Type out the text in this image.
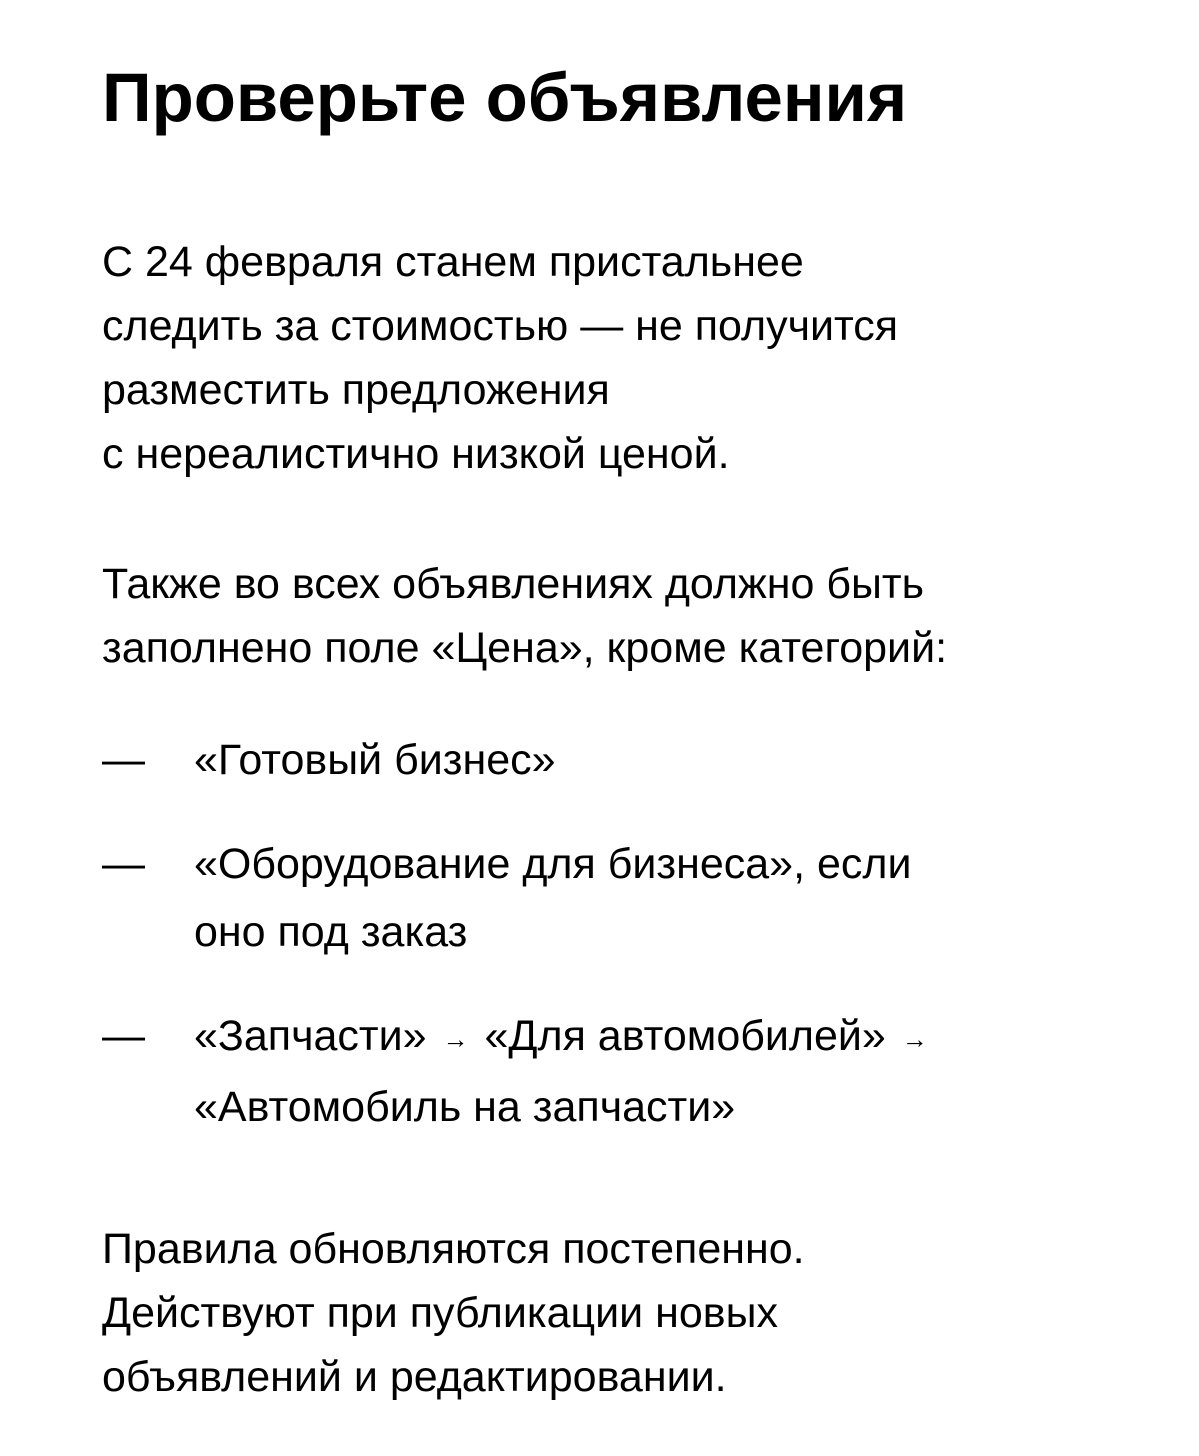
Проверьте объявления

С 24 февраля станем пристальнее
следить за стоимостью — не получится
разместить предложения
с нереалистично низкой ценой.

Также во всех объявлениях должно быть
заполнено поле «Цена», кроме категорий:

—	«Готовый бизнес»
—	«Оборудование для бизнеса», если
оно под заказ
—	«Запчасти» → «Для автомобилей» →
«Автомобиль на запчасти»

Правила обновляются постепенно.
Действуют при публикации новых
объявлений и редактировании.
